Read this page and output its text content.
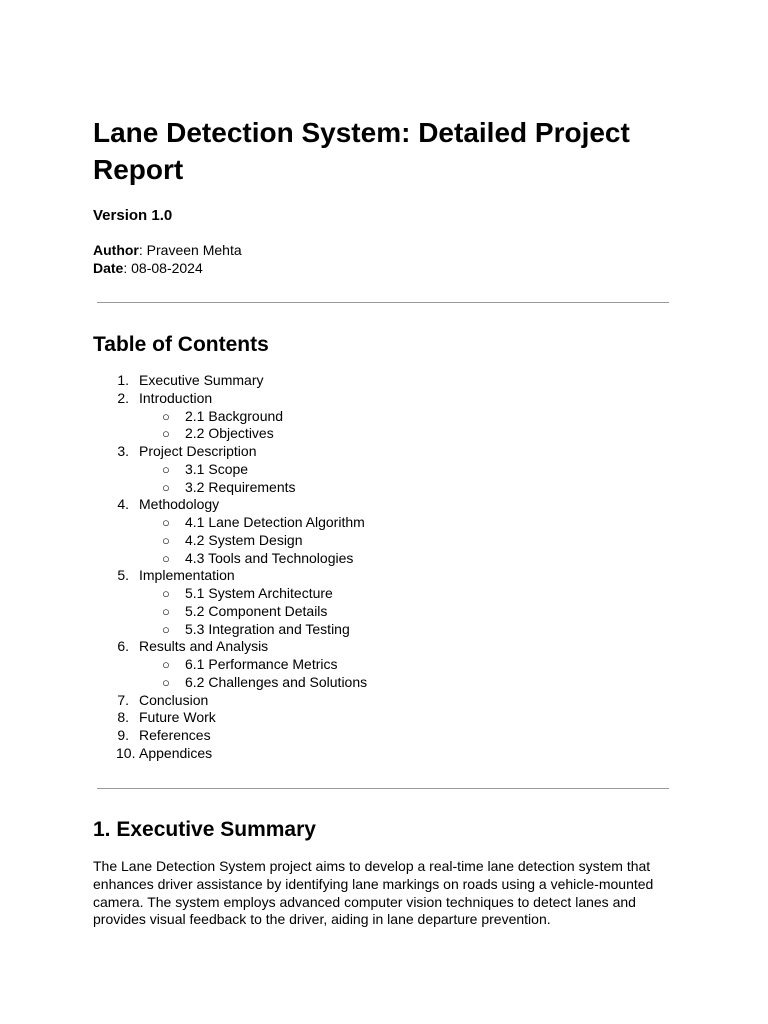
Lane Detection System: Detailed Project Report

Version 1.0

Author: Praveen Mehta

Date: 08-08-2024

Table of Contents
1. Executive Summary
2. Introduction
○ 2.1 Background
○ 2.2 Objectives
3. Project Description
○ 3.1 Scope
○ 3.2 Requirements
4. Methodology
○ 4.1 Lane Detection Algorithm
○ 4.2 System Design
○ 4.3 Tools and Technologies
5. Implementation
○ 5.1 System Architecture
○ 5.2 Component Details
○ 5.3 Integration and Testing
6. Results and Analysis
○ 6.1 Performance Metrics
○ 6.2 Challenges and Solutions
7. Conclusion
8. Future Work
9. References
10. Appendices
1. Executive Summary

The Lane Detection System project aims to develop a real-time lane detection system that enhances driver assistance by identifying lane markings on roads using a vehicle-mounted camera. The system employs advanced computer vision techniques to detect lanes and provides visual feedback to the driver, aiding in lane departure prevention.
